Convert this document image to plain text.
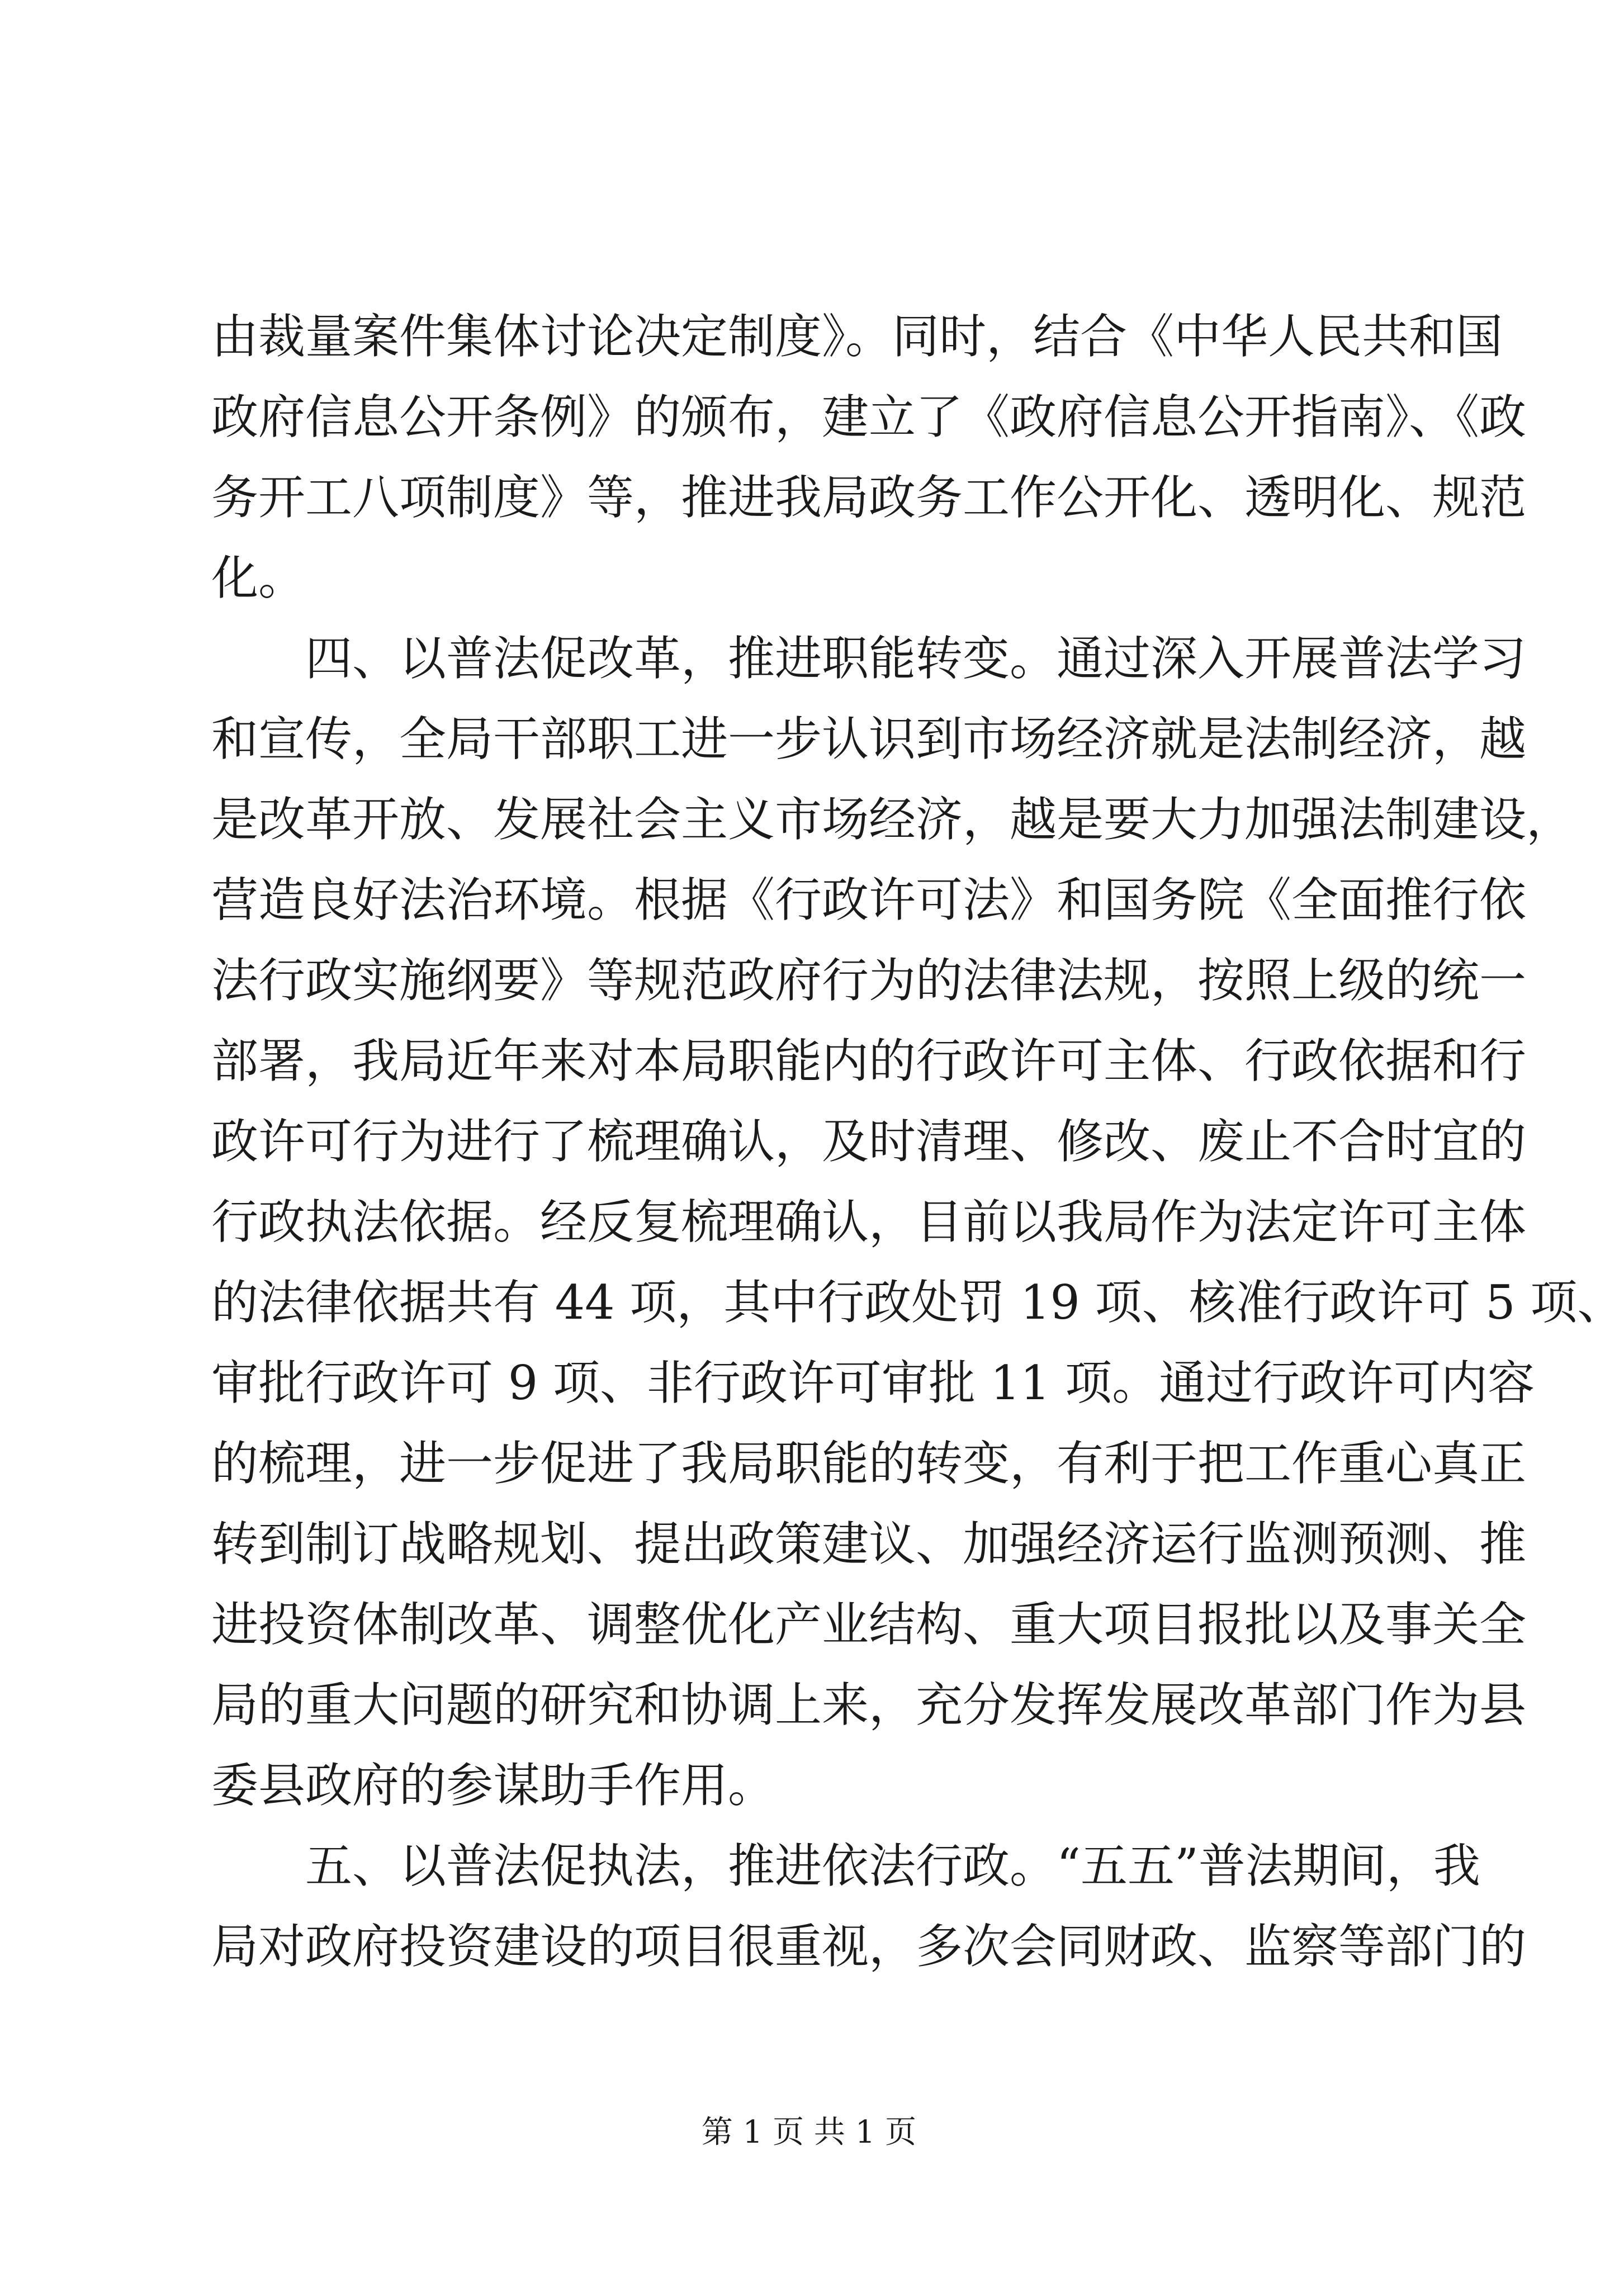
由裁量案件集体讨论决定制度》。同时，结合《中华人民共和国
政府信息公开条例》的颁布，建立了《政府信息公开指南》、《政
务开工八项制度》等，推进我局政务工作公开化、透明化、规范
化。
　　四、以普法促改革，推进职能转变。通过深入开展普法学习
和宣传，全局干部职工进一步认识到市场经济就是法制经济，越
是改革开放、发展社会主义市场经济，越是要大力加强法制建设，
营造良好法治环境。根据《行政许可法》和国务院《全面推行依
法行政实施纲要》等规范政府行为的法律法规，按照上级的统一
部署，我局近年来对本局职能内的行政许可主体、行政依据和行
政许可行为进行了梳理确认，及时清理、修改、废止不合时宜的
行政执法依据。经反复梳理确认，目前以我局作为法定许可主体
的法律依据共有 44 项，其中行政处罚 19 项、核准行政许可 5 项、
审批行政许可 9 项、非行政许可审批 11 项。通过行政许可内容
的梳理，进一步促进了我局职能的转变，有利于把工作重心真正
转到制订战略规划、提出政策建议、加强经济运行监测预测、推
进投资体制改革、调整优化产业结构、重大项目报批以及事关全
局的重大问题的研究和协调上来，充分发挥发展改革部门作为县
委县政府的参谋助手作用。
　　五、以普法促执法，推进依法行政。“五五”普法期间，我
局对政府投资建设的项目很重视，多次会同财政、监察等部门的
第 1 页 共 1 页
